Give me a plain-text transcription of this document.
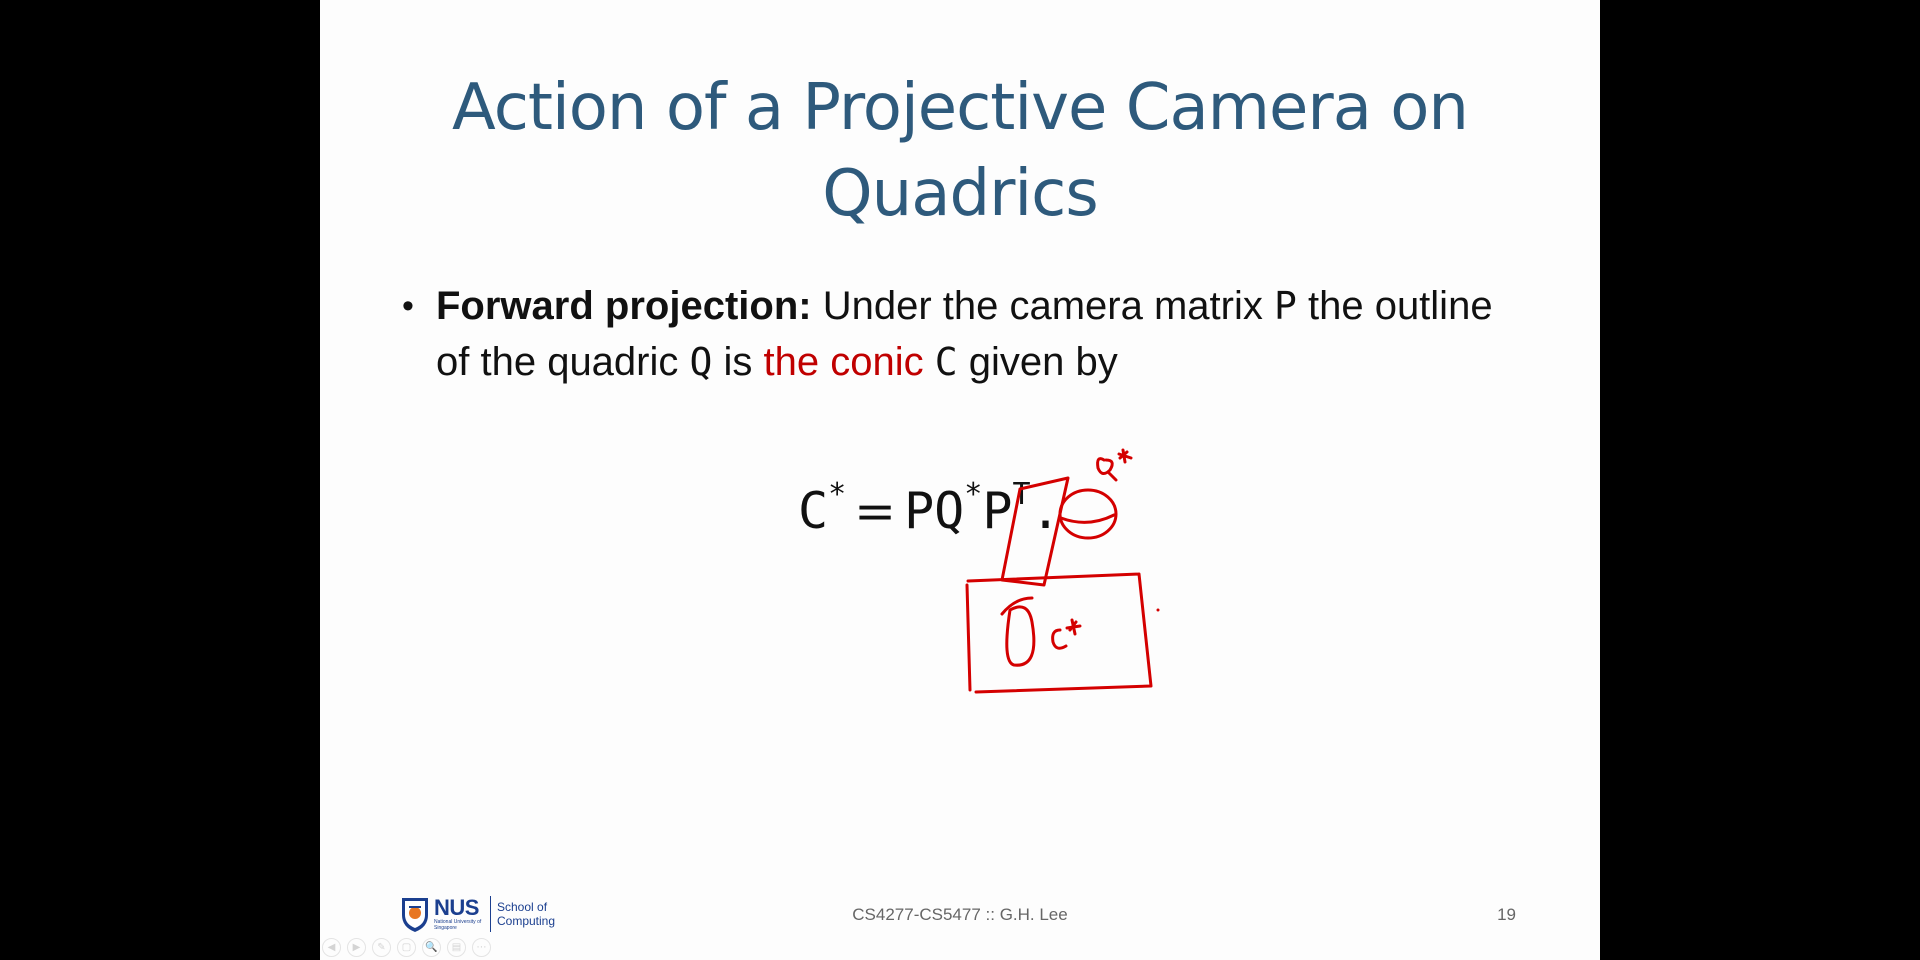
Action of a Projective Camera on
Quadrics
• Forward projection: Under the camera matrix P the outline of the quadric Q is the conic C given by
$C^* = PQ^*P^T$.
NUS
National University of Singapore
School of Computing	CS4277-CS5477 :: G.H. Lee	19
◀	▶	✎	▢	🔍	▤	⋯
